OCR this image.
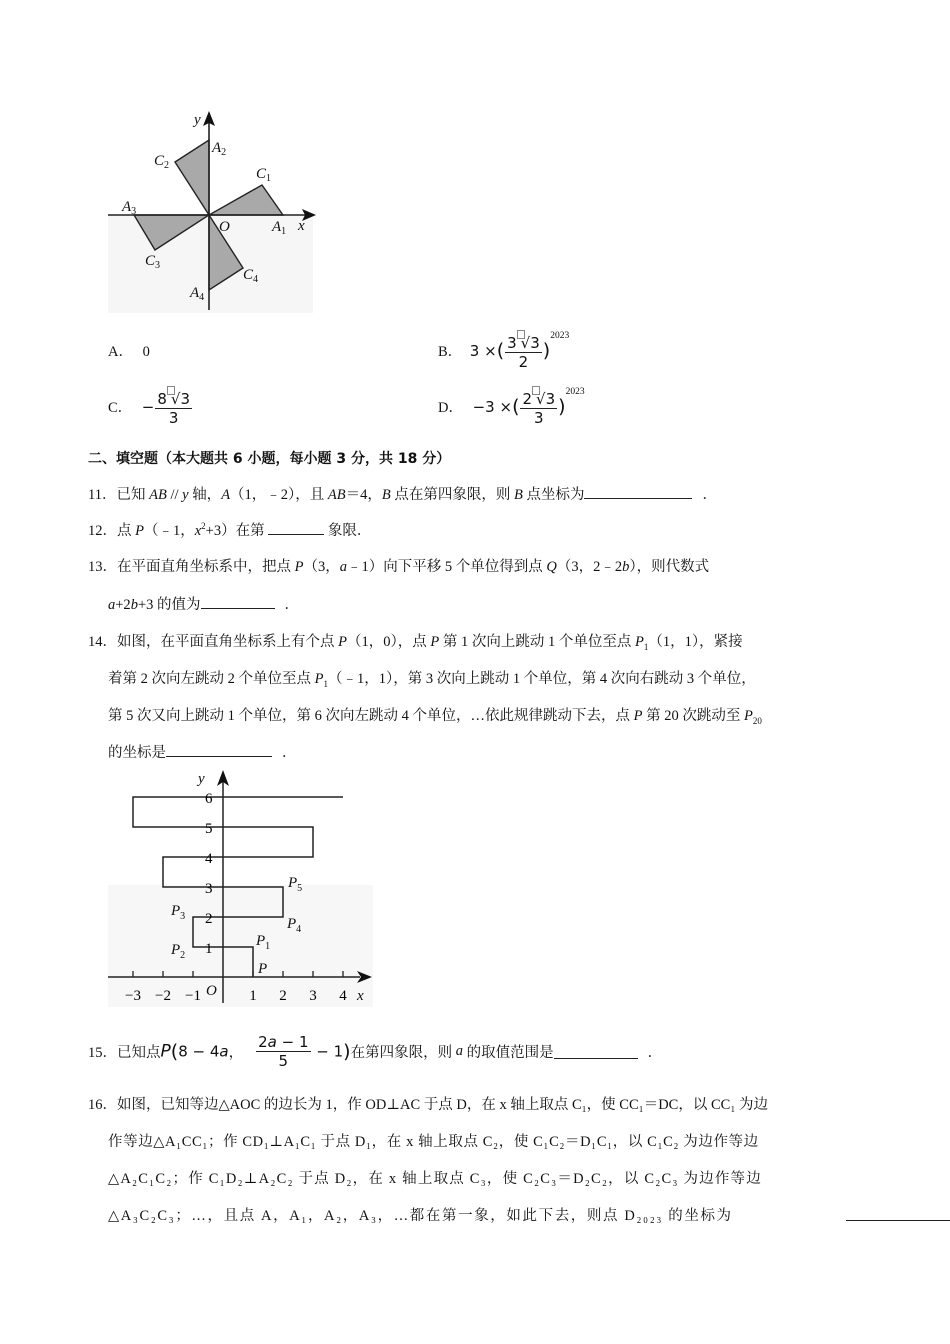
y
x
O	$A_1$
$A_2$
$A_3$
$A_4$
$C_1$
$C_2$
$C_3$
$C_4$
A． 0	B． 3 ×( $\frac{3 √3}{2} )^{2023}$
C． − $\frac{8 √3}{3}$	D． −3 ×( $\frac{2 √3}{3} )^{2023}$
二、填空题（本大题共 6 小题，每小题 3 分，共 18 分）
11．已知 AB // y 轴，A（1，﹣2），且 AB＝4，B 点在第四象限，则 B 点坐标为	．
12．点 P（﹣1，$x^2+3$）在第	象限．
13．在平面直角坐标系中，把点 P（3，a﹣1）向下平移 5 个单位得到点 Q（3，2﹣2b），则代数式
a+2b+3 的值为	．
14．如图，在平面直角坐标系上有个点 P（1，0），点 P 第 1 次向上跳动 1 个单位至点 $P_1(1$，1），紧接
着第 2 次向左跳动 2 个单位至点 $P_1(﹣1$，1），第 3 次向上跳动 1 个单位，第 4 次向右跳动 3 个单位，
第 5 次又向上跳动 1 个单位，第 6 次向左跳动 4 个单位，…依此规律跳动下去，点 P 第 20 次跳动至 $P_{20}$
的坐标是	．
−3 −2 −1	1 2 3 4
1
2
3
4
5
6
y
x
O
P
$P_1$
$P_2$
$P_3$	$P_4$
$P_5$
15．已知点P(8 − 4a， $\frac{2a - 1}{5} - 1$)在第四象限，则 a 的取值范围是	．
16．如图，已知等边△AOC 的边长为 1，作 OD⊥AC 于点 D，在 x 轴上取点 C₁，使 CC₁＝DC，以 CC₁ 为边
作等边△A₁CC₁；作 CD₁⊥A₁C₁ 于点 D₁，在 x 轴上取点 C₂，使 C₁C₂＝D₁C₁，以 C₁C₂ 为边作等边
△A₂C₁C₂；作 C₁D₂⊥A₂C₂ 于点 D₂，在 x 轴上取点 C₃，使 C₂C₃＝D₂C₂，以 C₂C₃ 为边作等边
△A₃C₂C₃；…，且点 A，A₁，A₂，A₃，…都在第一象，如此下去，则点 D₂₀₂₃ 的坐标为
